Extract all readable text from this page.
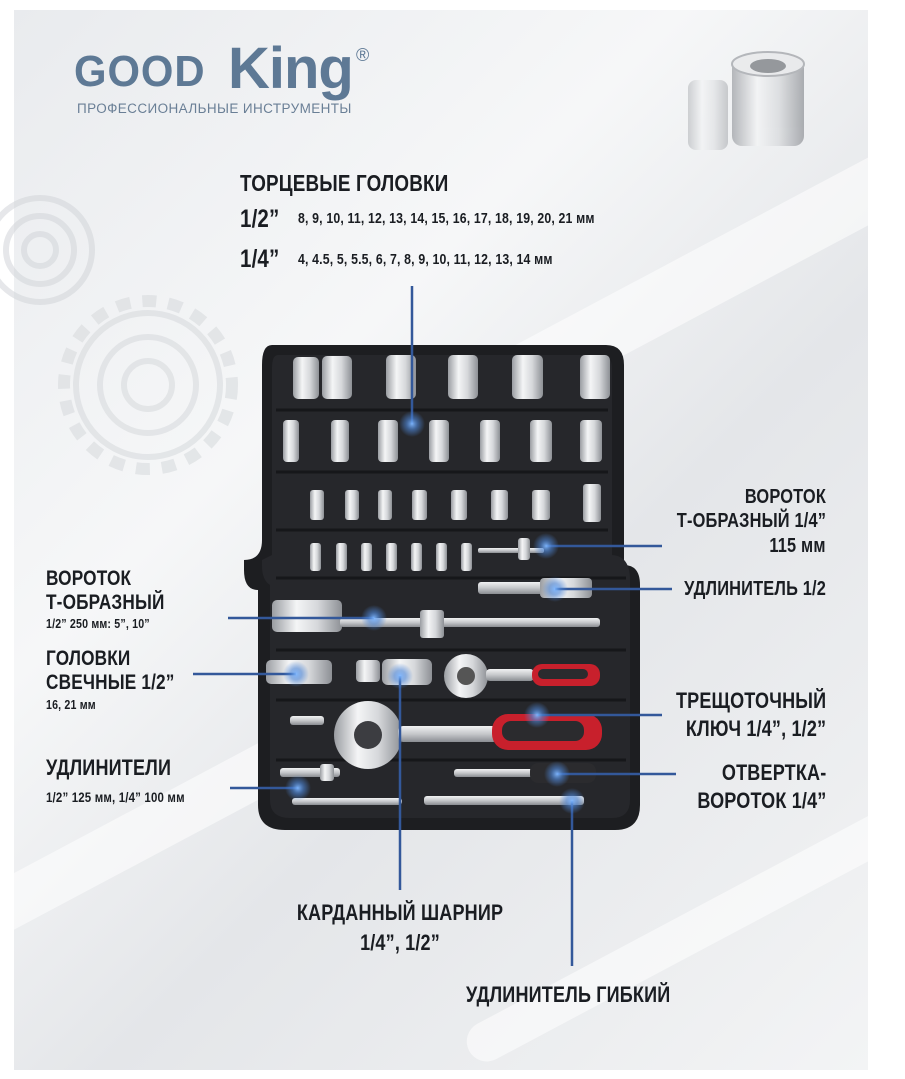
GOOD King ®
ПРОФЕССИОНАЛЬНЫЕ ИНСТРУМЕНТЫ
ТОРЦЕВЫЕ ГОЛОВКИ
1/2” 8, 9, 10, 11, 12, 13, 14, 15, 16, 17, 18, 19, 20, 21 мм
1/4” 4, 4.5, 5, 5.5, 6, 7, 8, 9, 10, 11, 12, 13, 14 мм
ВОРОТОК
Т-ОБРАЗНЫЙ 1/4”
115 мм
УДЛИНИТЕЛЬ 1/2
ТРЕЩОТОЧНЫЙ
КЛЮЧ 1/4”, 1/2”
ОТВЕРТКА-
ВОРОТОК 1/4”
ВОРОТОК
Т-ОБРАЗНЫЙ
1/2” 250 мм: 5”, 10”
ГОЛОВКИ
СВЕЧНЫЕ 1/2”
16, 21 мм
УДЛИНИТЕЛИ
1/2” 125 мм, 1/4” 100 мм
КАРДАННЫЙ ШАРНИР
1/4”, 1/2”
УДЛИНИТЕЛЬ ГИБКИЙ
